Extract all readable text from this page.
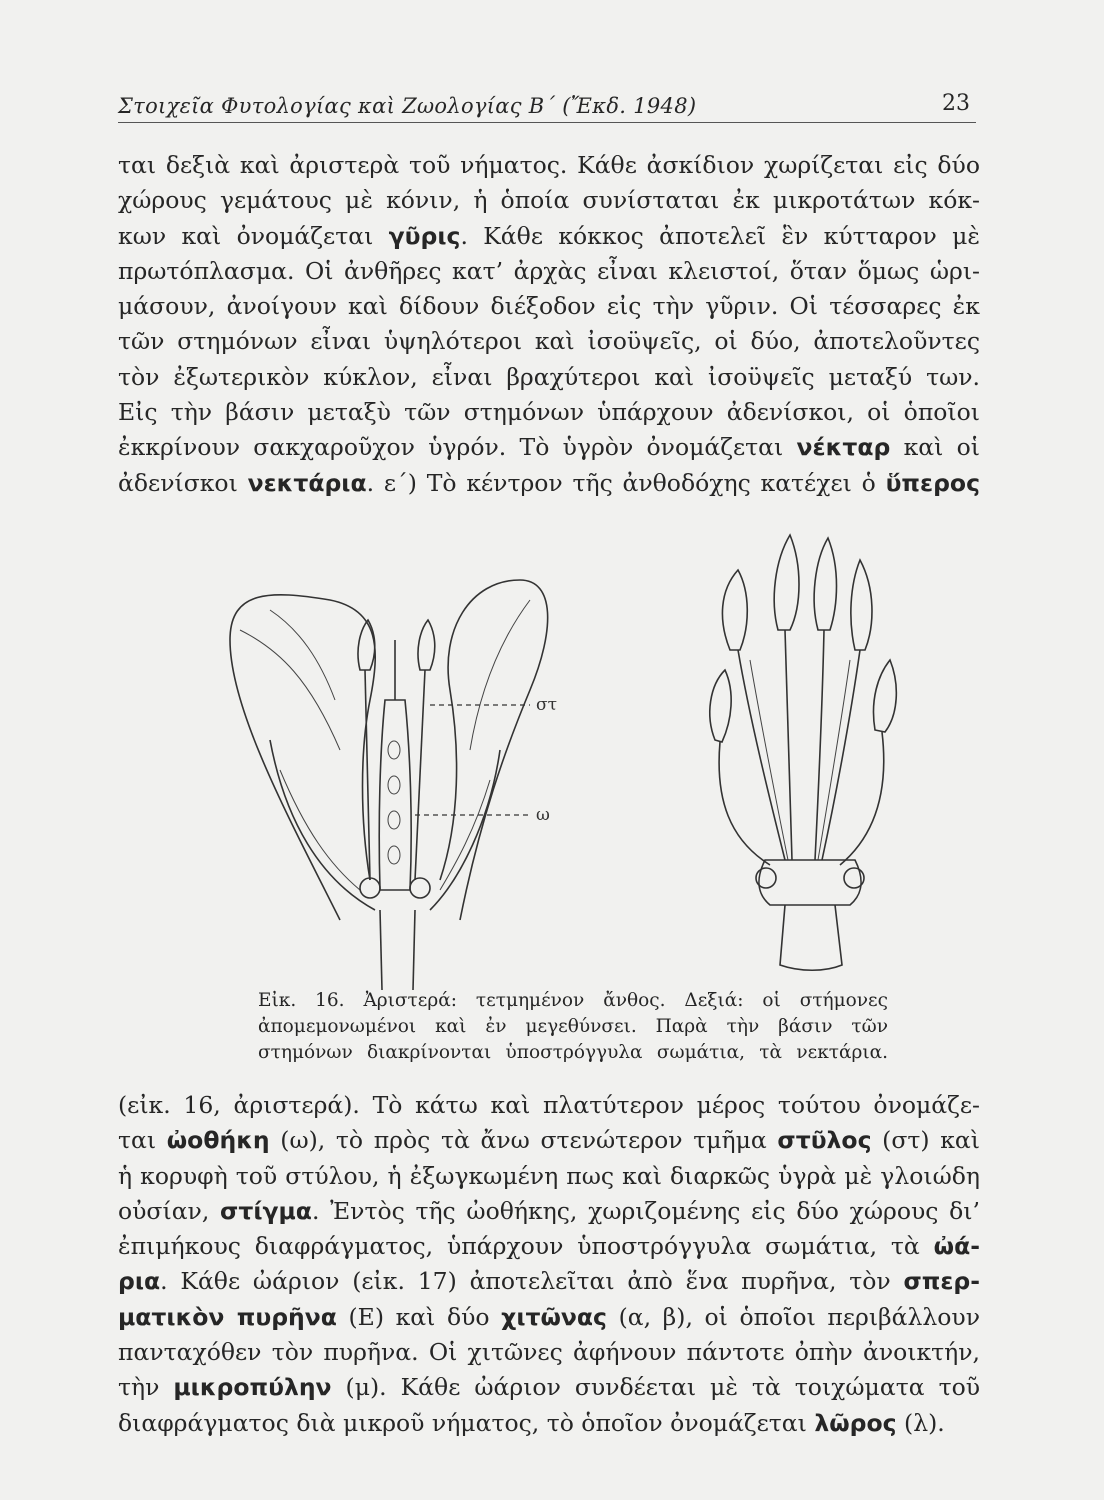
Στοιχεῖα Φυτολογίας καὶ Ζωολογίας Β΄ (Ἔκδ. 1948)	23
ται δεξιὰ καὶ ἀριστερὰ τοῦ νήματος. Κάθε ἀσκίδιον χωρίζεται εἰς δύο
χώρους γεμάτους μὲ κόνιν, ἡ ὁποία συνίσταται ἐκ μικροτάτων κόκ-
κων καὶ ὀνομάζεται γῦρις. Κάθε κόκκος ἀποτελεῖ ἓν κύτταρον μὲ
πρωτόπλασμα. Οἱ ἀνθῆρες κατ’ ἀρχὰς εἶναι κλειστοί, ὅταν ὅμως ὡρι-
μάσουν, ἀνοίγουν καὶ δίδουν διέξοδον εἰς τὴν γῦριν. Οἱ τέσσαρες ἐκ
τῶν στημόνων εἶναι ὑψηλότεροι καὶ ἰσοϋψεῖς, οἱ δύο, ἀποτελοῦντες
τὸν ἐξωτερικὸν κύκλον, εἶναι βραχύτεροι καὶ ἰσοϋψεῖς μεταξύ των.
Εἰς τὴν βάσιν μεταξὺ τῶν στημόνων ὑπάρχουν ἀδενίσκοι, οἱ ὁποῖοι
ἐκκρίνουν σακχαροῦχον ὑγρόν. Τὸ ὑγρὸν ὀνομάζεται νέκταρ καὶ οἱ
ἀδενίσκοι νεκτάρια. ε΄) Τὸ κέντρον τῆς ἀνθοδόχης κατέχει ὁ ὕπερος
στ
ω
Εἰκ. 16. Ἀριστερά: τετμημένον ἄνθος. Δεξιά: οἱ στήμονες
ἀπομεμονωμένοι καὶ ἐν μεγεθύνσει. Παρὰ τὴν βάσιν τῶν
στημόνων διακρίνονται ὑποστρόγγυλα σωμάτια, τὰ νεκτάρια.
(εἰκ. 16, ἀριστερά). Τὸ κάτω καὶ πλατύτερον μέρος τούτου ὀνομάζε-
ται ὠοθήκη (ω), τὸ πρὸς τὰ ἄνω στενώτερον τμῆμα στῦλος (στ) καὶ
ἡ κορυφὴ τοῦ στύλου, ἡ ἐξωγκωμένη πως καὶ διαρκῶς ὑγρὰ μὲ γλοιώδη
οὐσίαν, στίγμα. Ἐντὸς τῆς ὠοθήκης, χωριζομένης εἰς δύο χώρους δι’
ἐπιμήκους διαφράγματος, ὑπάρχουν ὑποστρόγγυλα σωμάτια, τὰ ὠά-
ρια. Κάθε ὠάριον (εἰκ. 17) ἀποτελεῖται ἀπὸ ἕνα πυρῆνα, τὸν σπερ-
ματικὸν πυρῆνα (Ε) καὶ δύο χιτῶνας (α, β), οἱ ὁποῖοι περιβάλλουν
πανταχόθεν τὸν πυρῆνα. Οἱ χιτῶνες ἀφήνουν πάντοτε ὀπὴν ἀνοικτήν,
τὴν μικροπύλην (μ). Κάθε ὠάριον συνδέεται μὲ τὰ τοιχώματα τοῦ
διαφράγματος διὰ μικροῦ νήματος, τὸ ὁποῖον ὀνομάζεται λῶρος (λ).
